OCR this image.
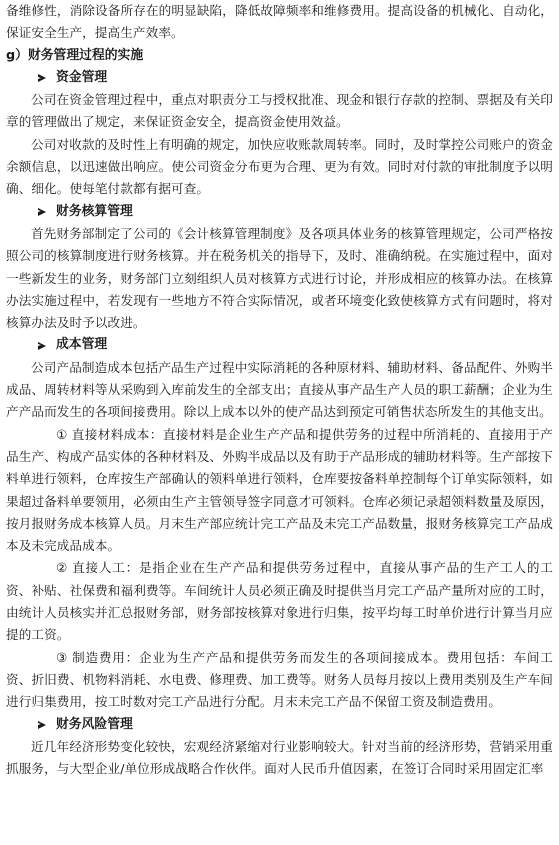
备维修性，消除设备所存在的明显缺陷，降低故障频率和维修费用。提高设备的机械化、自动化，保证安全生产，提高生产效率。

g）财务管理过程的实施

资金管理

公司在资金管理过程中，重点对职责分工与授权批准、现金和银行存款的控制、票据及有关印章的管理做出了规定，来保证资金安全，提高资金使用效益。

公司对收款的及时性上有明确的规定，加快应收账款周转率。同时，及时掌控公司账户的资金余额信息，以迅速做出响应。使公司资金分布更为合理、更为有效。同时对付款的审批制度予以明确、细化。使每笔付款都有据可查。

财务核算管理

首先财务部制定了公司的《会计核算管理制度》及各项具体业务的核算管理规定，公司严格按照公司的核算制度进行财务核算。并在税务机关的指导下，及时、准确纳税。在实施过程中，面对一些新发生的业务，财务部门立刻组织人员对核算方式进行讨论，并形成相应的核算办法。在核算办法实施过程中，若发现有一些地方不符合实际情况，或者环境变化致使核算方式有问题时，将对核算办法及时予以改进。

成本管理

公司产品制造成本包括产品生产过程中实际消耗的各种原材料、辅助材料、备品配件、外购半成品、周转材料等从采购到入库前发生的全部支出；直接从事产品生产人员的职工薪酬；企业为生产产品而发生的各项间接费用。除以上成本以外的使产品达到预定可销售状态所发生的其他支出。

① 直接材料成本：直接材料是企业生产产品和提供劳务的过程中所消耗的、直接用于产品生产、构成产品实体的各种材料及、外购半成品以及有助于产品形成的辅助材料等。生产部按下料单进行领料，仓库按生产部确认的领料单进行领料，仓库要按备料单控制每个订单实际领料，如果超过备料单要领用，必须由生产主管领导签字同意才可领料。仓库必须记录超领料数量及原因，按月报财务成本核算人员。月末生产部应统计完工产品及未完工产品数量，报财务核算完工产品成本及未完成品成本。

② 直接人工：是指企业在生产产品和提供劳务过程中，直接从事产品的生产工人的工资、补贴、社保费和福利费等。车间统计人员必须正确及时提供当月完工产品产量所对应的工时，由统计人员核实并汇总报财务部，财务部按核算对象进行归集，按平均每工时单价进行计算当月应提的工资。

③ 制造费用：企业为生产产品和提供劳务而发生的各项间接成本。费用包括：车间工资、折旧费、机物料消耗、水电费、修理费、加工费等。财务人员每月按以上费用类别及生产车间进行归集费用，按工时数对完工产品进行分配。月末未完工产品不保留工资及制造费用。

财务风险管理

近几年经济形势变化较快，宏观经济紧缩对行业影响较大。针对当前的经济形势，营销采用重抓服务，与大型企业/单位形成战略合作伙伴。面对人民币升值因素，在签订合同时采用固定汇率
